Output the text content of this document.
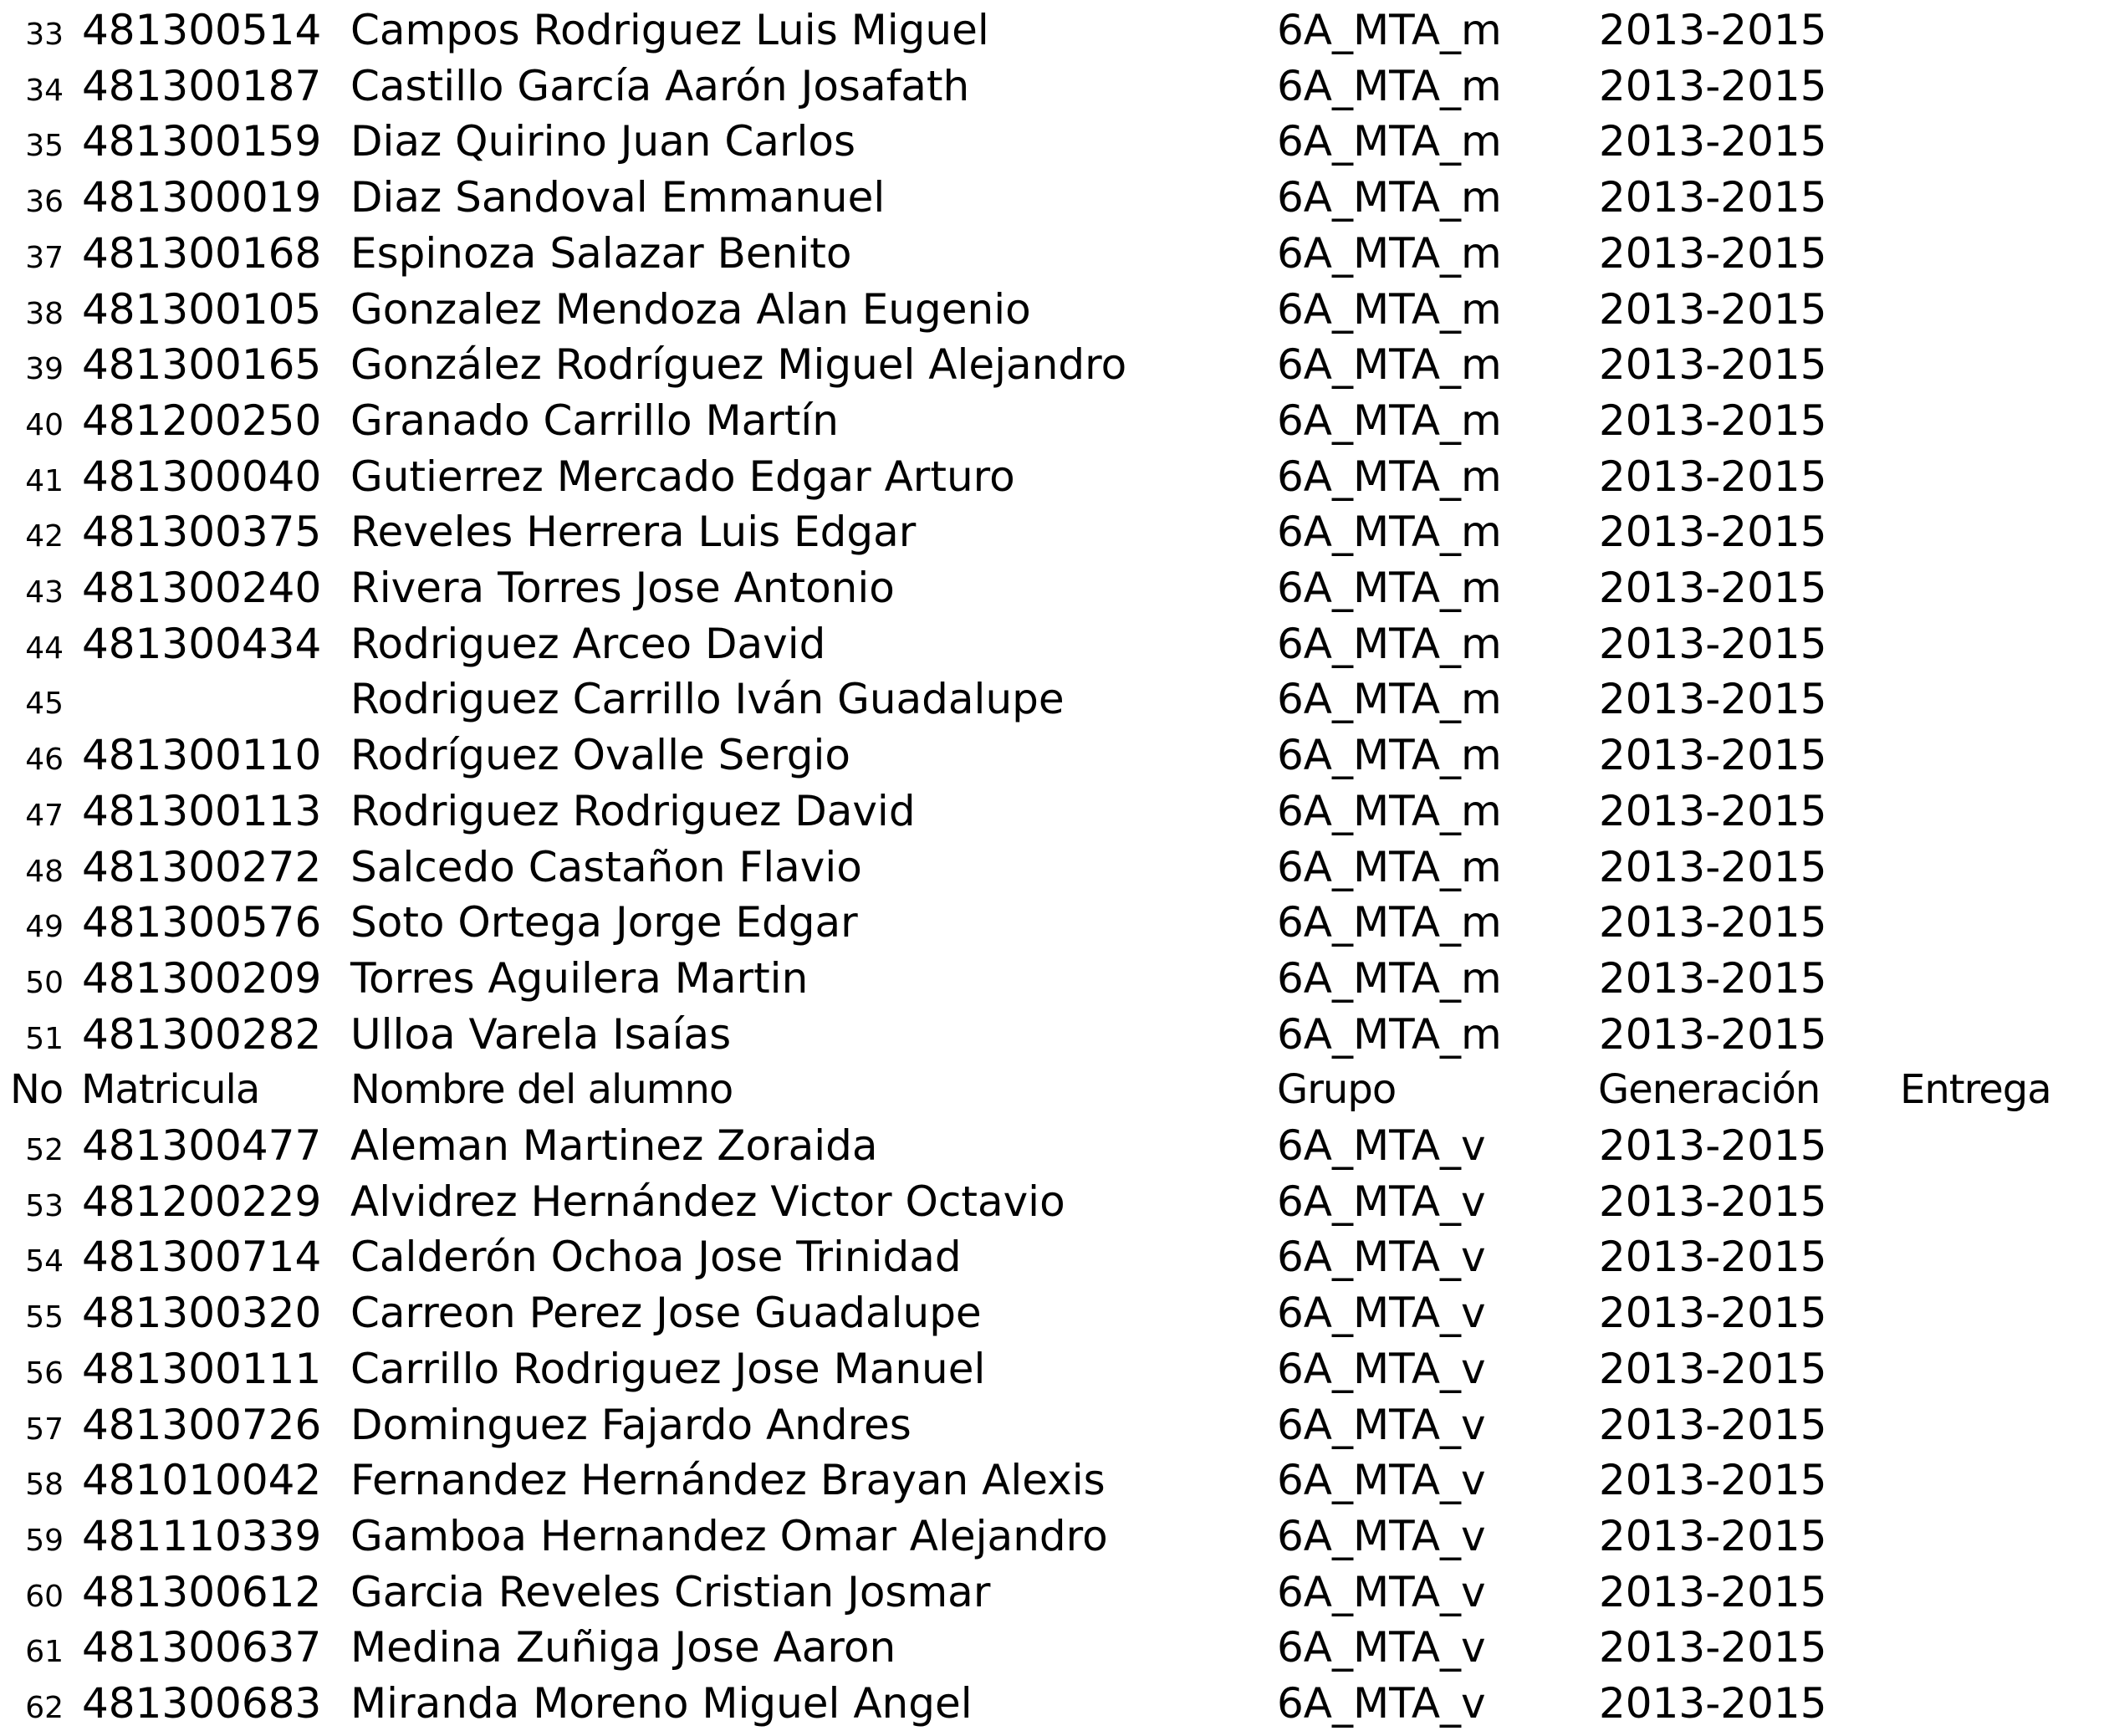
33 481300514 Campos Rodriguez Luis Miguel	6A_MTA_m 2013-2015
34 481300187 Castillo García Aarón Josafath	6A_MTA_m 2013-2015
35 481300159 Diaz Quirino Juan Carlos	6A_MTA_m 2013-2015
36 481300019 Diaz Sandoval Emmanuel	6A_MTA_m 2013-2015
37 481300168 Espinoza Salazar Benito	6A_MTA_m 2013-2015
38 481300105 Gonzalez Mendoza Alan Eugenio	6A_MTA_m 2013-2015
39 481300165 González Rodríguez Miguel Alejandro	6A_MTA_m 2013-2015
40 481200250 Granado Carrillo Martín	6A_MTA_m 2013-2015
41 481300040 Gutierrez Mercado Edgar Arturo	6A_MTA_m 2013-2015
42 481300375 Reveles Herrera Luis Edgar	6A_MTA_m 2013-2015
43 481300240 Rivera Torres Jose Antonio	6A_MTA_m 2013-2015
44 481300434 Rodriguez Arceo David	6A_MTA_m 2013-2015
45	Rodriguez Carrillo Iván Guadalupe	6A_MTA_m 2013-2015
46 481300110 Rodríguez Ovalle Sergio	6A_MTA_m 2013-2015
47 481300113 Rodriguez Rodriguez David	6A_MTA_m 2013-2015
48 481300272 Salcedo Castañon Flavio	6A_MTA_m 2013-2015
49 481300576 Soto Ortega Jorge Edgar	6A_MTA_m 2013-2015
50 481300209 Torres Aguilera Martin	6A_MTA_m 2013-2015
51 481300282 Ulloa Varela Isaías	6A_MTA_m 2013-2015
No Matricula Nombre del alumno	Grupo	Generación Entrega
52 481300477 Aleman Martinez Zoraida	6A_MTA_v	2013-2015
53 481200229 Alvidrez Hernández Victor Octavio	6A_MTA_v	2013-2015
54 481300714 Calderón Ochoa Jose Trinidad	6A_MTA_v	2013-2015
55 481300320 Carreon Perez Jose Guadalupe	6A_MTA_v	2013-2015
56 481300111 Carrillo Rodriguez Jose Manuel	6A_MTA_v	2013-2015
57 481300726 Dominguez Fajardo Andres	6A_MTA_v	2013-2015
58 481010042 Fernandez Hernández Brayan Alexis	6A_MTA_v	2013-2015
59 481110339 Gamboa Hernandez Omar Alejandro	6A_MTA_v	2013-2015
60 481300612 Garcia Reveles Cristian Josmar	6A_MTA_v	2013-2015
61 481300637 Medina Zuñiga Jose Aaron	6A_MTA_v	2013-2015
62 481300683 Miranda Moreno Miguel Angel	6A_MTA_v	2013-2015
